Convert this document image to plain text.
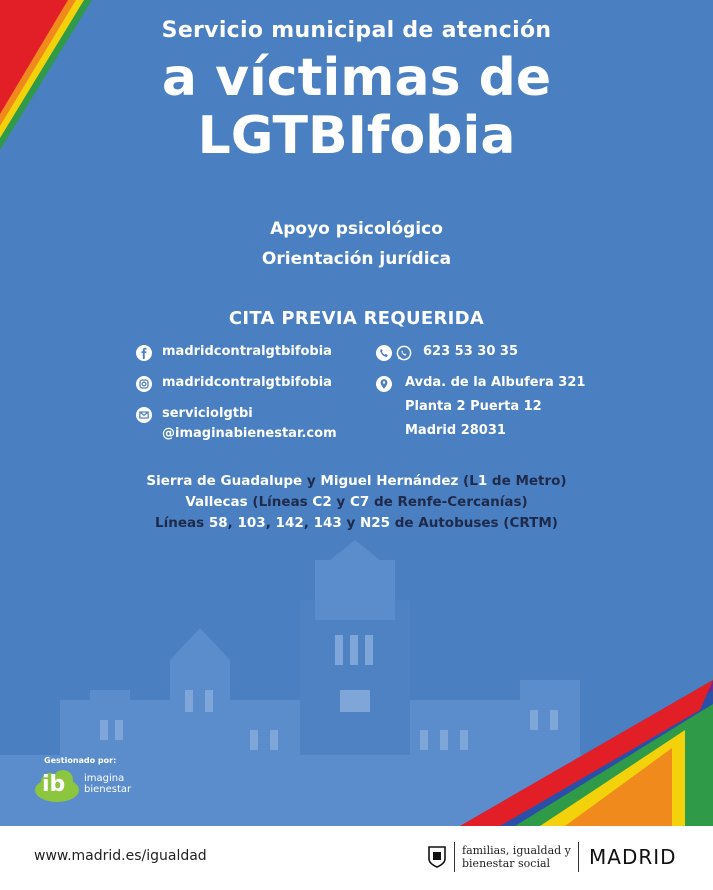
Servicio municipal de atención
a víctimas de
LGTBIfobia
Apoyo psicológico
Orientación jurídica
CITA PREVIA REQUERIDA
madridcontralgtbifobia
madridcontralgtbifobia
serviciolgtbi
@imaginabienestar.com
623 53 30 35
Avda. de la Albufera 321
Planta 2 Puerta 12
Madrid 28031
Sierra de Guadalupe y Miguel Hernández (L1 de Metro)
Vallecas (Líneas C2 y C7 de Renfe-Cercanías)
Líneas 58, 103, 142, 143 y N25 de Autobuses (CRTM)
Gestionado por:
ib imagina
bienestar
www.madrid.es/igualdad	familias, igualdad y
bienestar social	MADRID
